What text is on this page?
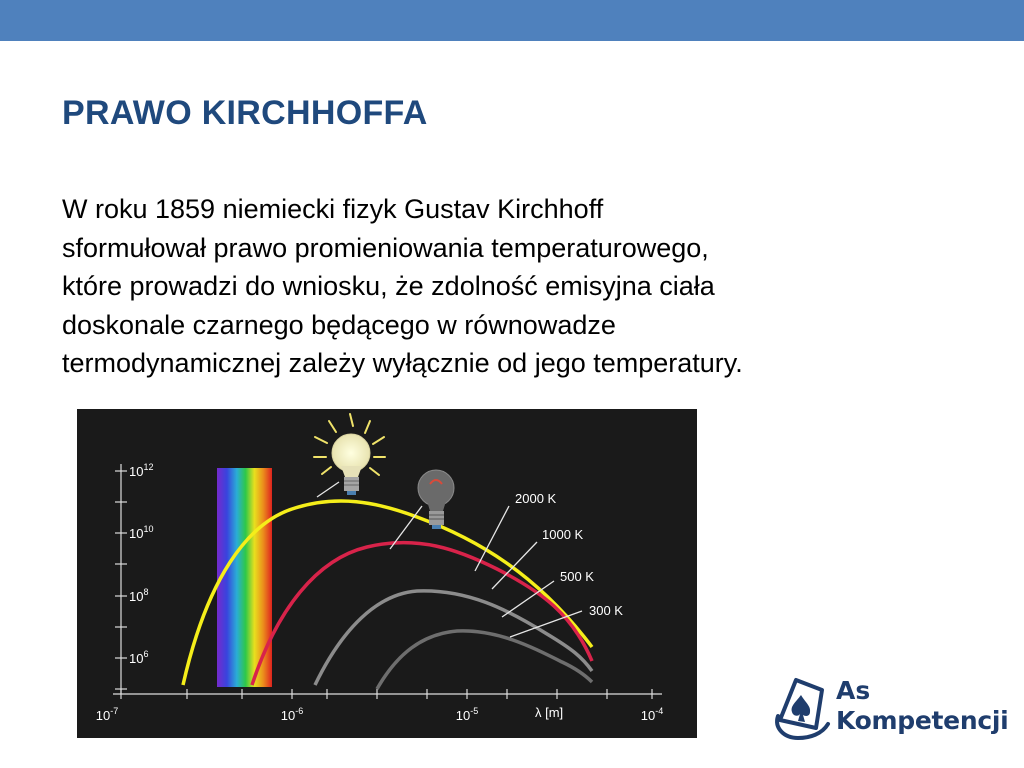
PRAWO KIRCHHOFFA

W roku 1859 niemiecki fizyk Gustav Kirchhoff
sformułował prawo promieniowania temperaturowego,
które prowadzi do wniosku, że zdolność emisyjna ciała
doskonale czarnego będącego w równowadze
termodynamicznej zależy wyłącznie od jego temperatury.

$10^{12}$
$10^{10}$
$10^8$
$10^6$
$10^{-7}$	$10^{-6}$	$10^{-5}$	$10^{-4}$
λ [m]
2000 K
1000 K
500 K
300 K
As
Kompetencji
